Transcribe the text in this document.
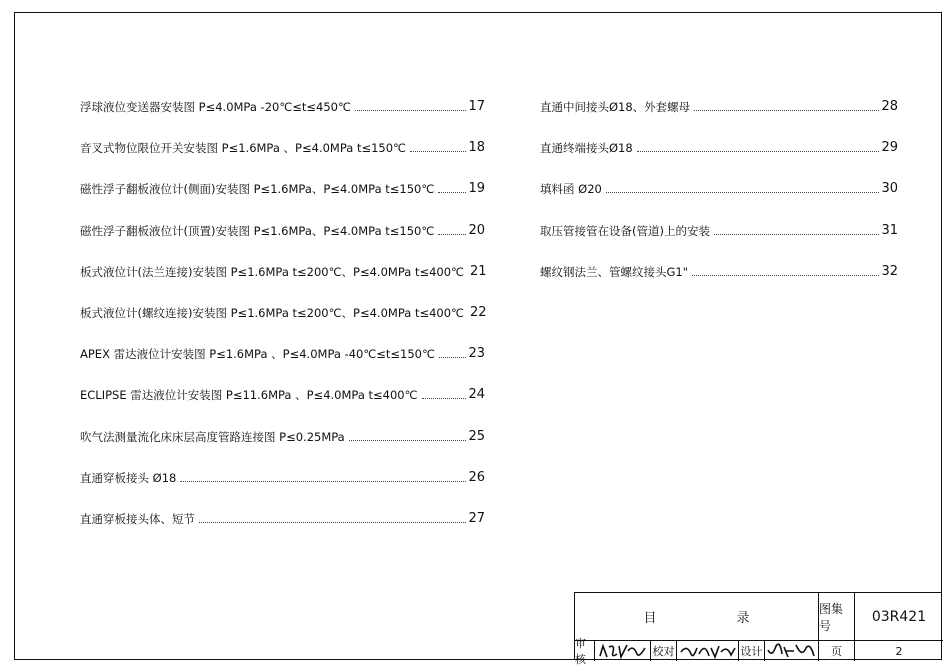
浮球液位变送器安装图 P≤4.0MPa -20℃≤t≤450℃	17
音叉式物位限位开关安装图 P≤1.6MPa 、P≤4.0MPa t≤150℃	18
磁性浮子翻板液位计(侧面)安装图 P≤1.6MPa、P≤4.0MPa t≤150℃	19
磁性浮子翻板液位计(顶置)安装图 P≤1.6MPa、P≤4.0MPa t≤150℃	20
板式液位计(法兰连接)安装图 P≤1.6MPa t≤200℃、P≤4.0MPa t≤400℃ 21
板式液位计(螺纹连接)安装图 P≤1.6MPa t≤200℃、P≤4.0MPa t≤400℃ 22
APEX 雷达液位计安装图 P≤1.6MPa 、P≤4.0MPa -40℃≤t≤150℃	23
ECLIPSE 雷达液位计安装图 P≤11.6MPa 、P≤4.0MPa t≤400℃	24
吹气法测量流化床床层高度管路连接图 P≤0.25MPa	25
直通穿板接头 Ø18	26
直通穿板接头体、短节	27
直通中间接头Ø18、外套螺母	28
直通终端接头Ø18	29
填料函 Ø20	30
取压管接管在设备(管道)上的安装	31
螺纹钢法兰、管螺纹接头G1"	32
目	录
图集号
03R421
审核
校对	设计	页	2
